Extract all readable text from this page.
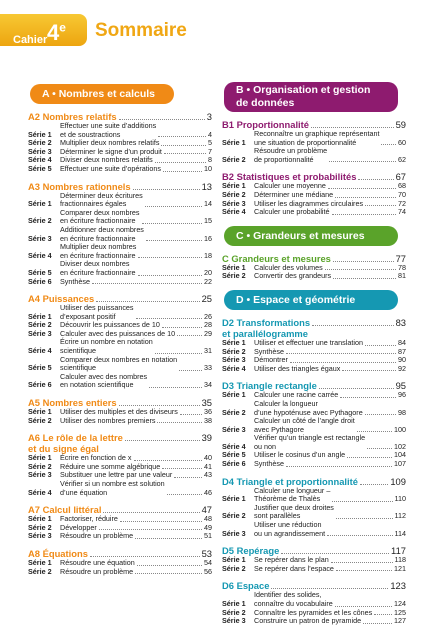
Cahier 4e Sommaire
A • Nombres et calculs
A2 Nombres relatifs	3
Série 1
Effectuer une suite d’additions
et de soustractions	4
Série 2	Multiplier deux nombres relatifs	5
Série 3	Déterminer le signe d’un produit	7
Série 4	Diviser deux nombres relatifs	8
Série 5	Effectuer une suite d’opérations	10
A3 Nombres rationnels	13
Série 1
Déterminer deux écritures
fractionnaires égales	14
Série 2
Comparer deux nombres
en écriture fractionnaire	15
Série 3
Additionner deux nombres
en écriture fractionnaire	16
Série 4
Multiplier deux nombres
en écriture fractionnaire	18
Série 5
Diviser deux nombres
en écriture fractionnaire	20
Série 6	Synthèse	22
A4 Puissances	25
Série 1
Utiliser des puissances
d’exposant positif	26
Série 2	Découvrir les puissances de 10	28
Série 3	Calculer avec des puissances de 10	29
Série 4
Écrire un nombre en notation
scientifique	31
Série 5
Comparer deux nombres en notation
scientifique	33
Série 6
Calculer avec des nombres
en notation scientifique	34
A5 Nombres entiers	35
Série 1	Utiliser des multiples et des diviseurs	36
Série 2	Utiliser des nombres premiers	38
A6 Le rôle de la lettre
et du signe égal
39
Série 1	Écrire en fonction de x	40
Série 2	Réduire une somme algébrique	41
Série 3	Substituer une lettre par une valeur	43
Série 4
Vérifier si un nombre est solution
d’une équation	46
A7 Calcul littéral	47
Série 1	Factoriser, réduire	48
Série 2	Développer	49
Série 3	Résoudre un problème	51
A8 Équations	53
Série 1	Résoudre une équation	54
Série 2	Résoudre un problème	56
B • Organisation et gestion
de données
B1 Proportionnalité	59
Série 1
Reconnaître un graphique représentant
une situation de proportionnalité	60
Série 2
Résoudre un problème
de proportionnalité	62
B2 Statistiques et probabilités	67
Série 1	Calculer une moyenne	68
Série 2	Déterminer une médiane	70
Série 3	Utiliser les diagrammes circulaires	72
Série 4	Calculer une probabilité	74
C • Grandeurs et mesures
C Grandeurs et mesures	77
Série 1	Calculer des volumes	78
Série 2	Convertir des grandeurs	81
D • Espace et géométrie
D2 Transformations
et parallélogramme
83
Série 1	Utiliser et effectuer une translation	84
Série 2	Synthèse	87
Série 3	Démontrer	90
Série 4	Utiliser des triangles égaux	92
D3 Triangle rectangle	95
Série 1	Calculer une racine carrée	96
Série 2
Calculer la longueur
d’une hypoténuse avec Pythagore	98
Série 3
Calculer un côté de l’angle droit
avec Pythagore	100
Série 4
Vérifier qu’un triangle est rectangle
ou non	102
Série 5	Utiliser le cosinus d’un angle	104
Série 6	Synthèse	107
D4 Triangle et proportionnalité	109
Série 1
Calculer une longueur –
Théorème de Thalès	110
Série 2
Justifier que deux droites
sont parallèles	112
Série 3
Utiliser une réduction
ou un agrandissement	114
D5 Repérage	117
Série 1	Se repérer dans le plan	118
Série 2	Se repérer dans l’espace	121
D6 Espace	123
Série 1
Identifier des solides,
connaître du vocabulaire	124
Série 2	Connaître les pyramides et les cônes	125
Série 3	Construire un patron de pyramide	127
